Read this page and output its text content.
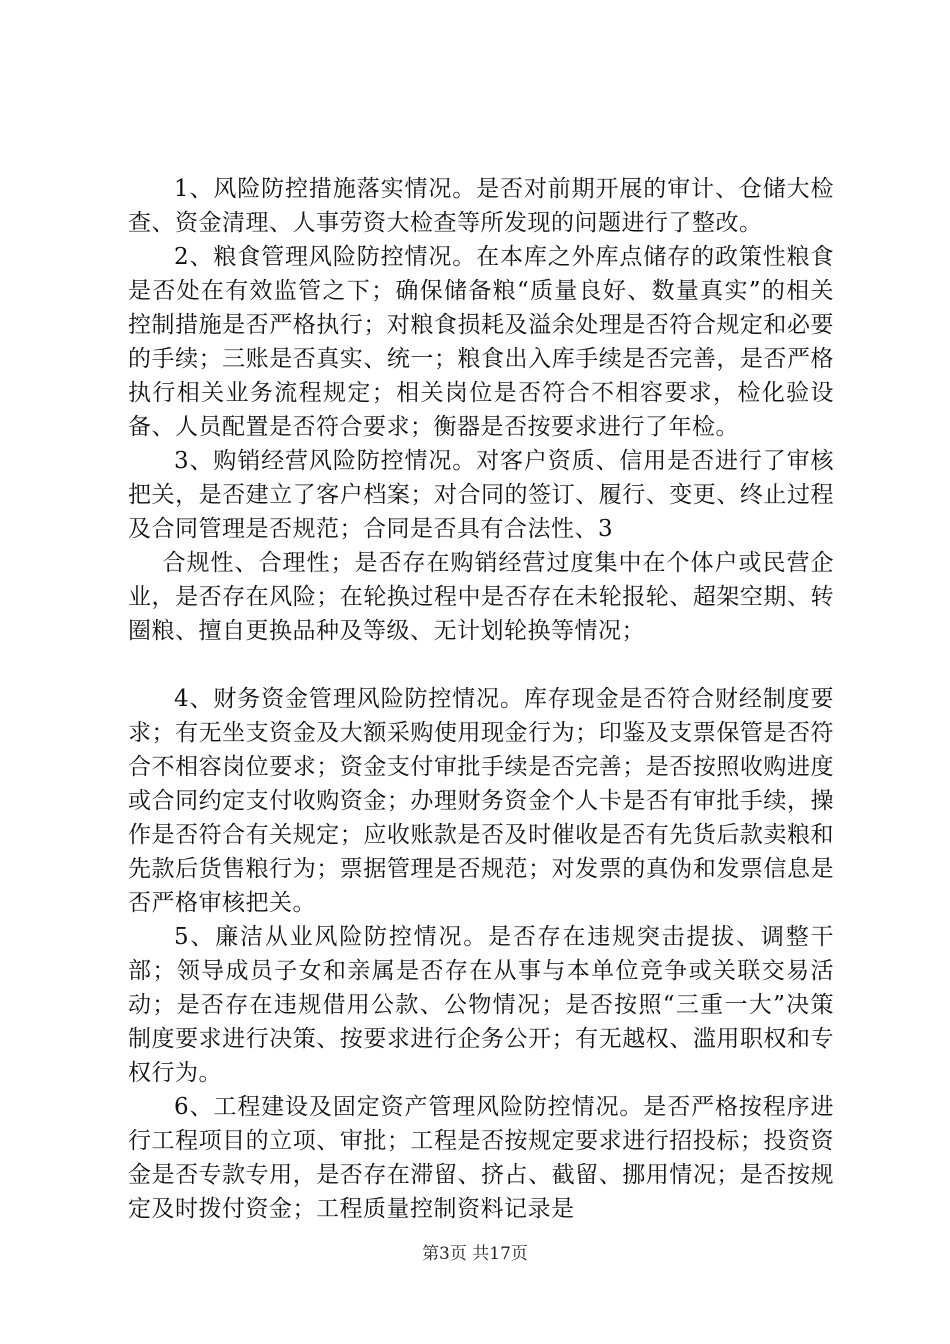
1、风险防控措施落实情况。是否对前期开展的审计、仓储大检查、资金清理、人事劳资大检查等所发现的问题进行了整改。

2、粮食管理风险防控情况。在本库之外库点储存的政策性粮食是否处在有效监管之下；确保储备粮“质量良好、数量真实”的相关控制措施是否严格执行；对粮食损耗及溢余处理是否符合规定和必要的手续；三账是否真实、统一；粮食出入库手续是否完善，是否严格执行相关业务流程规定；相关岗位是否符合不相容要求，检化验设备、人员配置是否符合要求；衡器是否按要求进行了年检。

3、购销经营风险防控情况。对客户资质、信用是否进行了审核把关，是否建立了客户档案；对合同的签订、履行、变更、终止过程及合同管理是否规范；合同是否具有合法性、3

合规性、合理性；是否存在购销经营过度集中在个体户或民营企业，是否存在风险；在轮换过程中是否存在未轮报轮、超架空期、转圈粮、擅自更换品种及等级、无计划轮换等情况；

4、财务资金管理风险防控情况。库存现金是否符合财经制度要求；有无坐支资金及大额采购使用现金行为；印鉴及支票保管是否符合不相容岗位要求；资金支付审批手续是否完善；是否按照收购进度或合同约定支付收购资金；办理财务资金个人卡是否有审批手续，操作是否符合有关规定；应收账款是否及时催收是否有先货后款卖粮和先款后货售粮行为；票据管理是否规范；对发票的真伪和发票信息是否严格审核把关。

5、廉洁从业风险防控情况。是否存在违规突击提拔、调整干部；领导成员子女和亲属是否存在从事与本单位竞争或关联交易活动；是否存在违规借用公款、公物情况；是否按照“三重一大”决策制度要求进行决策、按要求进行企务公开；有无越权、滥用职权和专权行为。

6、工程建设及固定资产管理风险防控情况。是否严格按程序进行工程项目的立项、审批；工程是否按规定要求进行招投标；投资资金是否专款专用，是否存在滞留、挤占、截留、挪用情况；是否按规定及时拨付资金；工程质量控制资料记录是

第3页 共17页
